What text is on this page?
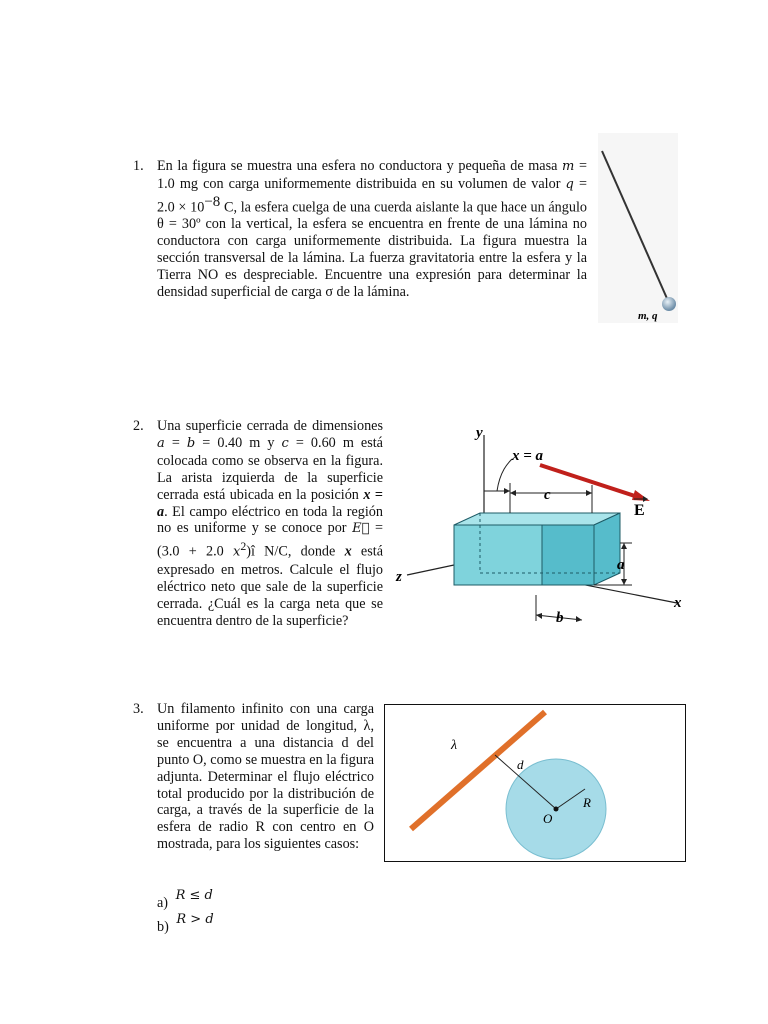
1. En la figura se muestra una esfera no conductora y pequeña de masa m = 1.0 mg con carga uniformemente distribuida en su volumen de valor $q = 2.0 \times 10^{-8}$ C, la esfera cuelga de una cuerda aislante la que hace un ángulo θ = 30º con la vertical, la esfera se encuentra en frente de una lámina no conductora con carga uniformemente distribuida. La figura muestra la sección transversal de la lámina. La fuerza gravitatoria entre la esfera y la Tierra NO es despreciable. Encuentre una expresión para determinar la densidad superficial de carga σ de la lámina.
m, q
2. Una superficie cerrada de dimensiones a = b = 0.40 m y c = 0.60 m está colocada como se observa en la figura. La arista izquierda de la superficie cerrada está ubicada en la posición x = a. El campo eléctrico en toda la región no es uniforme y se conoce por E⃗ = (3.0 + 2.0 $x^2)î$ N/C, donde x está expresado en metros. Calcule el flujo eléctrico neto que sale de la superficie cerrada. ¿Cuál es la carga neta que se encuentra dentro de la superficie?
y
z
x
x = a
c
a
b
E
3. Un filamento infinito con una carga uniforme por unidad de longitud, λ, se encuentra a una distancia d del punto O, como se muestra en la figura adjunta. Determinar el flujo eléctrico total producido por la distribución de carga, a través de la superficie de la esfera de radio R con centro en O mostrada, para los siguientes casos:
a) R ≤ d
b) R > d
λ
d
O
R
